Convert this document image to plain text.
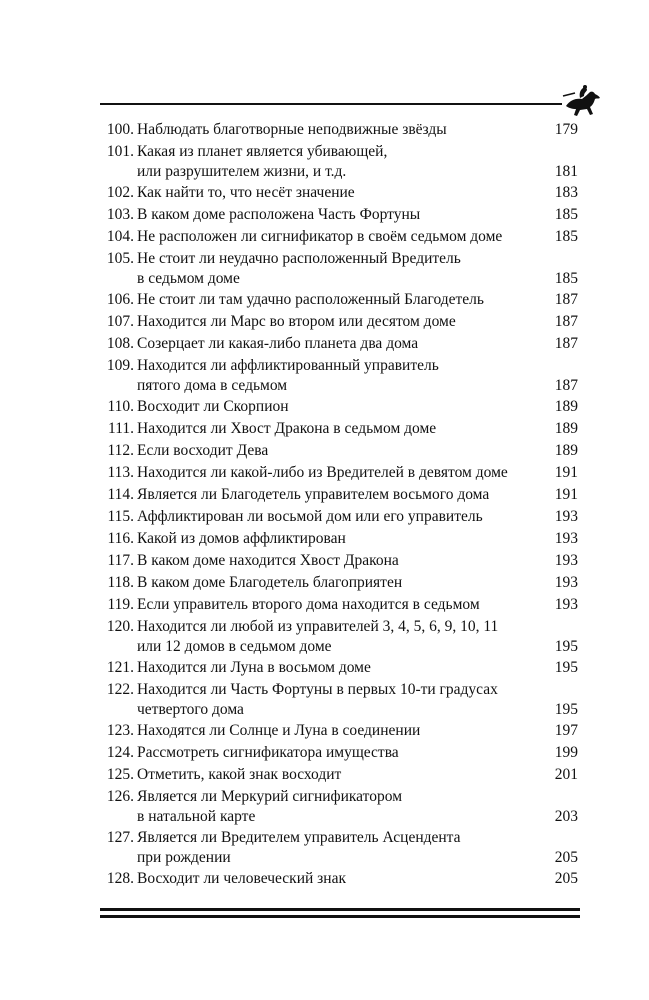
100. Наблюдать благотворные неподвижные звёзды	179
101. Какая из планет является убивающей,
или разрушителем жизни, и т.д.	181
102. Как найти то, что несёт значение	183
103. В каком доме расположена Часть Фортуны	185
104. Не расположен ли сигнификатор в своём седьмом доме	185
105. Не стоит ли неудачно расположенный Вредитель
в седьмом доме	185
106. Не стоит ли там удачно расположенный Благодетель	187
107. Находится ли Марс во втором или десятом доме	187
108. Созерцает ли какая-либо планета два дома	187
109. Находится ли аффликтированный управитель
пятого дома в седьмом	187
110. Восходит ли Скорпион	189
111. Находится ли Хвост Дракона в седьмом доме	189
112. Если восходит Дева	189
113. Находится ли какой-либо из Вредителей в девятом доме	191
114. Является ли Благодетель управителем восьмого дома	191
115. Аффликтирован ли восьмой дом или его управитель	193
116. Какой из домов аффликтирован	193
117. В каком доме находится Хвост Дракона	193
118. В каком доме Благодетель благоприятен	193
119. Если управитель второго дома находится в седьмом	193
120. Находится ли любой из управителей 3, 4, 5, 6, 9, 10, 11
или 12 домов в седьмом доме	195
121. Находится ли Луна в восьмом доме	195
122. Находится ли Часть Фортуны в первых 10-ти градусах
четвертого дома	195
123. Находятся ли Солнце и Луна в соединении	197
124. Рассмотреть сигнификатора имущества	199
125. Отметить, какой знак восходит	201
126. Является ли Меркурий сигнификатором
в натальной карте	203
127. Является ли Вредителем управитель Асцендента
при рождении	205
128. Восходит ли человеческий знак	205
